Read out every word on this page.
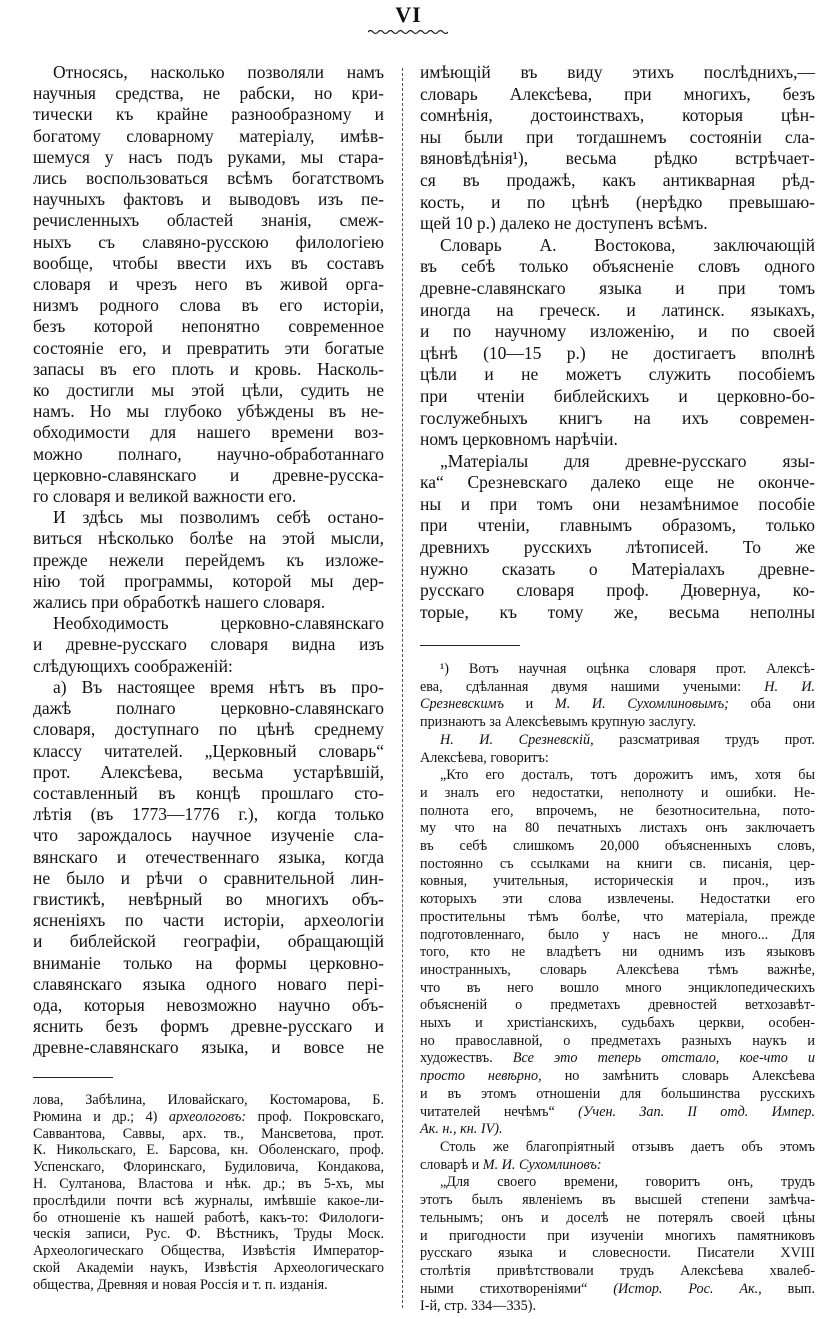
VI
Относясь, насколько позволяли намъ
научныя средства, не рабски, но кри-
тически къ крайне разнообразному и
богатому словарному матеріалу, имѣв-
шемуся у насъ подъ руками, мы стара-
лись воспользоваться всѣмъ богатствомъ
научныхъ фактовъ и выводовъ изъ пе-
речисленныхъ областей знанія, смеж-
ныхъ съ славяно-русскою филологіею
вообще, чтобы ввести ихъ въ составъ
словаря и чрезъ него въ живой орга-
низмъ родного слова въ его исторіи,
безъ которой непонятно современное
состояніе его, и превратить эти богатые
запасы въ его плоть и кровь. Насколь-
ко достигли мы этой цѣли, судить не
намъ. Но мы глубоко убѣждены въ не-
обходимости для нашего времени воз-
можно полнаго, научно-обработаннаго
церковно-славянскаго и древне-русска-
го словаря и великой важности его.
И здѣсь мы позволимъ себѣ остано-
виться нѣсколько болѣе на этой мысли,
прежде нежели перейдемъ къ изложе-
нію той программы, которой мы дер-
жались при обработкѣ нашего словаря.
Необходимость церковно-славянскаго
и древне-русскаго словаря видна изъ
слѣдующихъ соображеній:
а) Въ настоящее время нѣтъ въ про-
дажѣ полнаго церковно-славянскаго
словаря, доступнаго по цѣнѣ среднему
классу читателей. „Церковный словарь“
прот. Алексѣева, весьма устарѣвшій,
составленный въ концѣ прошлаго сто-
лѣтія (въ 1773—1776 г.), когда только
что зарождалось научное изученіе сла-
вянскаго и отечественнаго языка, когда
не было и рѣчи о сравнительной лин-
гвистикѣ, невѣрный во многихъ объ-
ясненіяхъ по части исторіи, археологіи
и библейской географіи, обращающій
вниманіе только на формы церковно-
славянскаго языка одного новаго пері-
ода, которыя невозможно научно объ-
яснить безъ формъ древне-русскаго и
древне-славянскаго языка, и вовсе не
лова, Забѣлина, Иловайскаго, Костомарова, Б.
Рюмина и др.; 4) археологовъ: проф. Покровскаго,
Саввантова, Саввы, арх. тв., Мансветова, прот.
К. Никольскаго, Е. Барсова, кн. Оболенскаго, проф.
Успенскаго, Флоринскаго, Будиловича, Кондакова,
Н. Султанова, Властова и нѣк. др.; въ 5-хъ, мы
прослѣдили почти всѣ журналы, имѣвшіе какое-ли-
бо отношеніе къ нашей работѣ, какъ-то: Филологи-
ческія записи, Рус. Ф. Вѣстникъ, Труды Моск.
Археологическаго Общества, Извѣстія Император-
ской Академіи наукъ, Извѣстія Археологическаго
общества, Древняя и новая Россія и т. п. изданія.
имѣющій въ виду этихъ послѣднихъ,—
словарь Алексѣева, при многихъ, безъ
сомнѣнія, достоинствахъ, которыя цѣн-
ны были при тогдашнемъ состояніи сла-
вяновѣдѣнія¹), весьма рѣдко встрѣчает-
ся въ продажѣ, какъ антикварная рѣд-
кость, и по цѣнѣ (нерѣдко превышаю-
щей 10 р.) далеко не доступенъ всѣмъ.
Словарь А. Востокова, заключающій
въ себѣ только объясненіе словъ одного
древне-славянскаго языка и при томъ
иногда на греческ. и латинск. языкахъ,
и по научному изложенію, и по своей
цѣнѣ (10—15 р.) не достигаетъ вполнѣ
цѣли и не можетъ служить пособіемъ
при чтеніи библейскихъ и церковно-бо-
гослужебныхъ книгъ на ихъ современ-
номъ церковномъ нарѣчіи.
„Матеріалы для древне-русскаго язы-
ка“ Срезневскаго далеко еще не оконче-
ны и при томъ они незамѣнимое пособіе
при чтеніи, главнымъ образомъ, только
древнихъ русскихъ лѣтописей. То же
нужно сказать о Матеріалахъ древне-
русскаго словаря проф. Дювернуа, ко-
торые, къ тому же, весьма неполны
¹) Вотъ научная оцѣнка словаря прот. Алексѣ-
ева, сдѣланная двумя нашими учеными: Н. И.
Срезневскимъ и М. И. Сухомлиновымъ; оба они
признаютъ за Алексѣевымъ крупную заслугу.
Н. И. Срезневскій, разсматривая трудъ прот.
Алексѣева, говоритъ:
„Кто его досталъ, тотъ дорожитъ имъ, хотя бы
и зналъ его недостатки, неполноту и ошибки. Не-
полнота его, впрочемъ, не безотносительна, пото-
му что на 80 печатныхъ листахъ онъ заключаетъ
въ себѣ слишкомъ 20,000 объясненныхъ словъ,
постоянно съ ссылками на книги св. писанія, цер-
ковныя, учительныя, историческія и проч., изъ
которыхъ эти слова извлечены. Недостатки его
простительны тѣмъ болѣе, что матеріала, прежде
подготовленнаго, было у насъ не много... Для
того, кто не владѣетъ ни однимъ изъ языковъ
иностранныхъ, словарь Алексѣева тѣмъ важнѣе,
что въ него вошло много энциклопедическихъ
объясненій о предметахъ древностей ветхозавѣт-
ныхъ и христіанскихъ, судьбахъ церкви, особен-
но православной, о предметахъ разныхъ наукъ и
художествъ. Все это теперь отстало, кое-что и
просто невѣрно, но замѣнить словарь Алексѣева
и въ этомъ отношеніи для большинства русскихъ
читателей нечѣмъ“ (Учен. Зап. II отд. Импер.
Ак. н., кн. IV).
Столь же благопріятный отзывъ даетъ объ этомъ
словарѣ и М. И. Сухомлиновъ:
„Для своего времени, говоритъ онъ, трудъ
этотъ былъ явленіемъ въ высшей степени замѣча-
тельнымъ; онъ и доселѣ не потерялъ своей цѣны
и пригодности при изученіи многихъ памятниковъ
русскаго языка и словесности. Писатели XVIII
столѣтія привѣтствовали трудъ Алексѣева хвалеб-
ными стихотвореніями“ (Истор. Рос. Ак., вып.
І-й, стр. 334—335).
